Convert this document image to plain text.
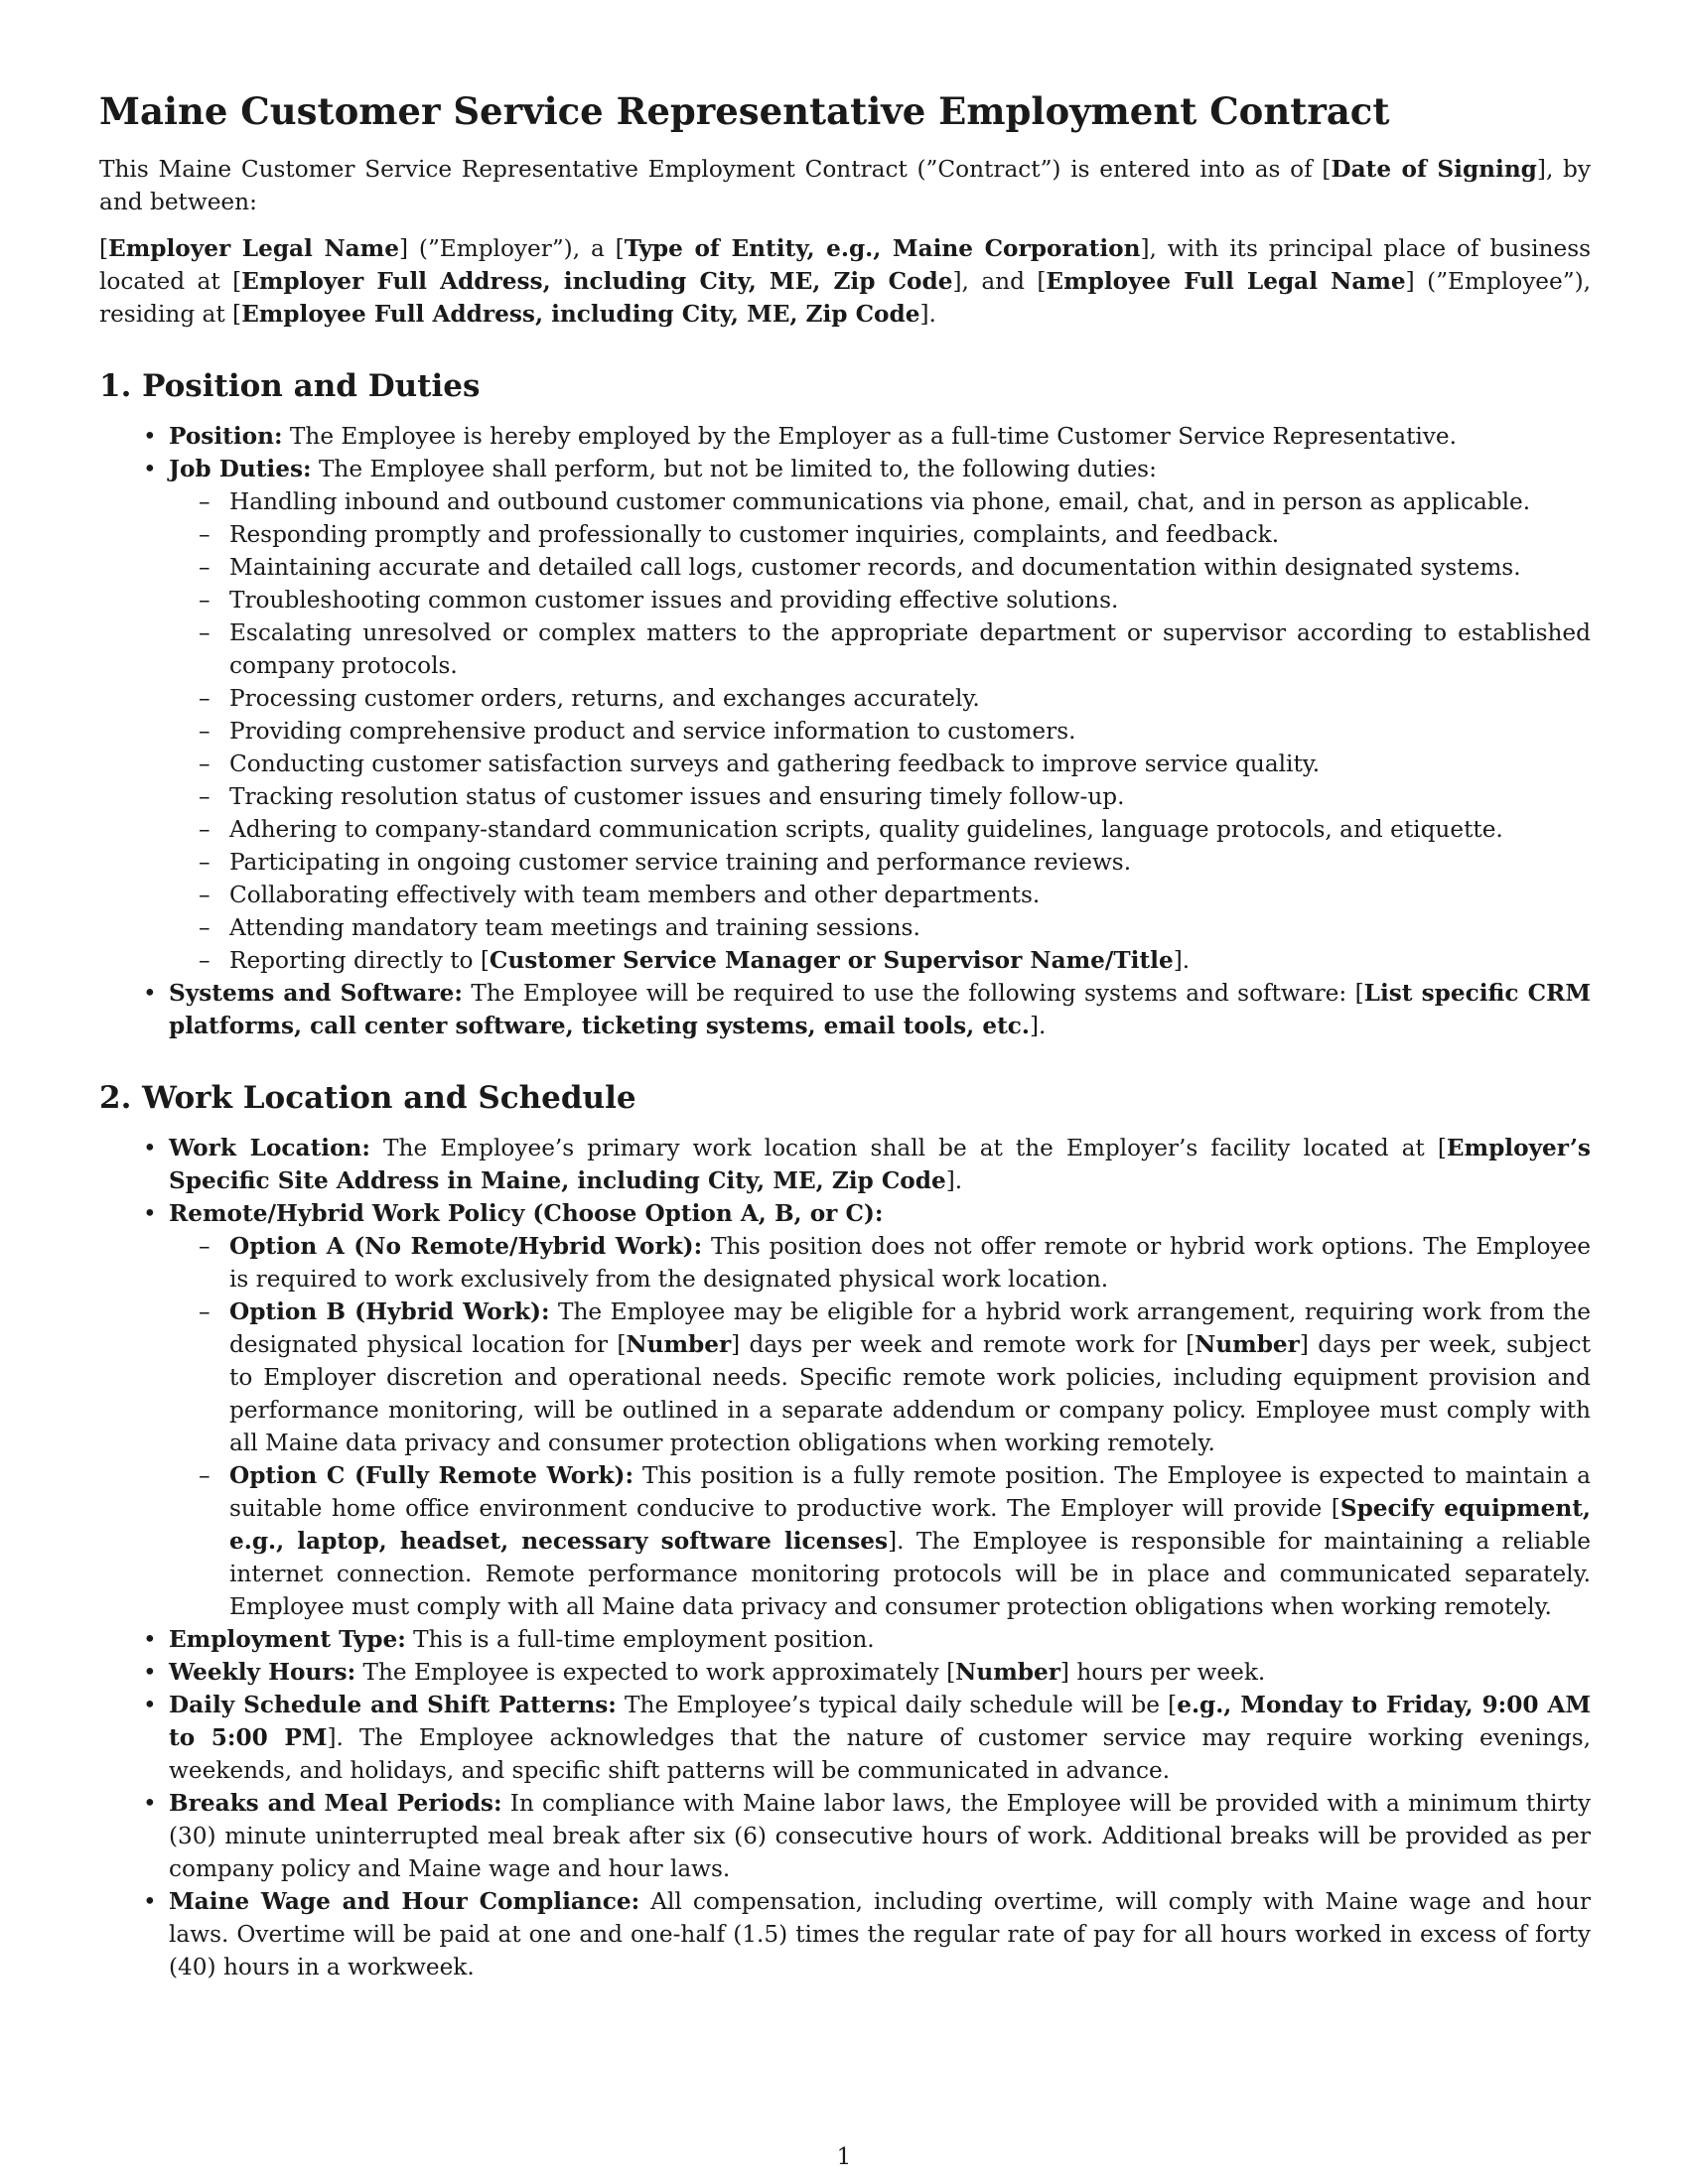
Maine Customer Service Representative Employment Contract

This Maine Customer Service Representative Employment Contract (”Contract”) is entered into as of [Date of Signing], by and between:

[Employer Legal Name] (”Employer”), a [Type of Entity, e.g., Maine Corporation], with its principal place of business located at [Employer Full Address, including City, ME, Zip Code], and [Employee Full Legal Name] (”Employee”), residing at [Employee Full Address, including City, ME, Zip Code].

1. Position and Duties
• Position: The Employee is hereby employed by the Employer as a full-time Customer Service Representative.
• Job Duties: The Employee shall perform, but not be limited to, the following duties:
– Handling inbound and outbound customer communications via phone, email, chat, and in person as applicable.
– Responding promptly and professionally to customer inquiries, complaints, and feedback.
– Maintaining accurate and detailed call logs, customer records, and documentation within designated systems.
– Troubleshooting common customer issues and providing effective solutions.
– Escalating unresolved or complex matters to the appropriate department or supervisor according to established company protocols.
– Processing customer orders, returns, and exchanges accurately.
– Providing comprehensive product and service information to customers.
– Conducting customer satisfaction surveys and gathering feedback to improve service quality.
– Tracking resolution status of customer issues and ensuring timely follow-up.
– Adhering to company-standard communication scripts, quality guidelines, language protocols, and etiquette.
– Participating in ongoing customer service training and performance reviews.
– Collaborating effectively with team members and other departments.
– Attending mandatory team meetings and training sessions.
– Reporting directly to [Customer Service Manager or Supervisor Name/Title].
• Systems and Software: The Employee will be required to use the following systems and software: [List specific CRM platforms, call center software, ticketing systems, email tools, etc.].
2. Work Location and Schedule
• Work Location: The Employee’s primary work location shall be at the Employer’s facility located at [Employer’s Specific Site Address in Maine, including City, ME, Zip Code].
• Remote/Hybrid Work Policy (Choose Option A, B, or C):
– Option A (No Remote/Hybrid Work): This position does not offer remote or hybrid work options. The Employee is required to work exclusively from the designated physical work location.
– Option B (Hybrid Work): The Employee may be eligible for a hybrid work arrangement, requiring work from the designated physical location for [Number] days per week and remote work for [Number] days per week, subject to Employer discretion and operational needs. Specific remote work policies, including equipment provision and performance monitoring, will be outlined in a separate addendum or company policy. Employee must comply with all Maine data privacy and consumer protection obligations when working remotely.
– Option C (Fully Remote Work): This position is a fully remote position. The Employee is expected to maintain a suitable home office environment conducive to productive work. The Employer will provide [Specify equipment, e.g., laptop, headset, necessary software licenses]. The Employee is responsible for maintaining a reliable internet connection. Remote performance monitoring protocols will be in place and communicated separately. Employee must comply with all Maine data privacy and consumer protection obligations when working remotely.
• Employment Type: This is a full-time employment position.
• Weekly Hours: The Employee is expected to work approximately [Number] hours per week.
• Daily Schedule and Shift Patterns: The Employee’s typical daily schedule will be [e.g., Monday to Friday, 9:00 AM to 5:00 PM]. The Employee acknowledges that the nature of customer service may require working evenings, weekends, and holidays, and specific shift patterns will be communicated in advance.
• Breaks and Meal Periods: In compliance with Maine labor laws, the Employee will be provided with a minimum thirty (30) minute uninterrupted meal break after six (6) consecutive hours of work. Additional breaks will be provided as per company policy and Maine wage and hour laws.
• Maine Wage and Hour Compliance: All compensation, including overtime, will comply with Maine wage and hour laws. Overtime will be paid at one and one-half (1.5) times the regular rate of pay for all hours worked in excess of forty (40) hours in a workweek.
1
